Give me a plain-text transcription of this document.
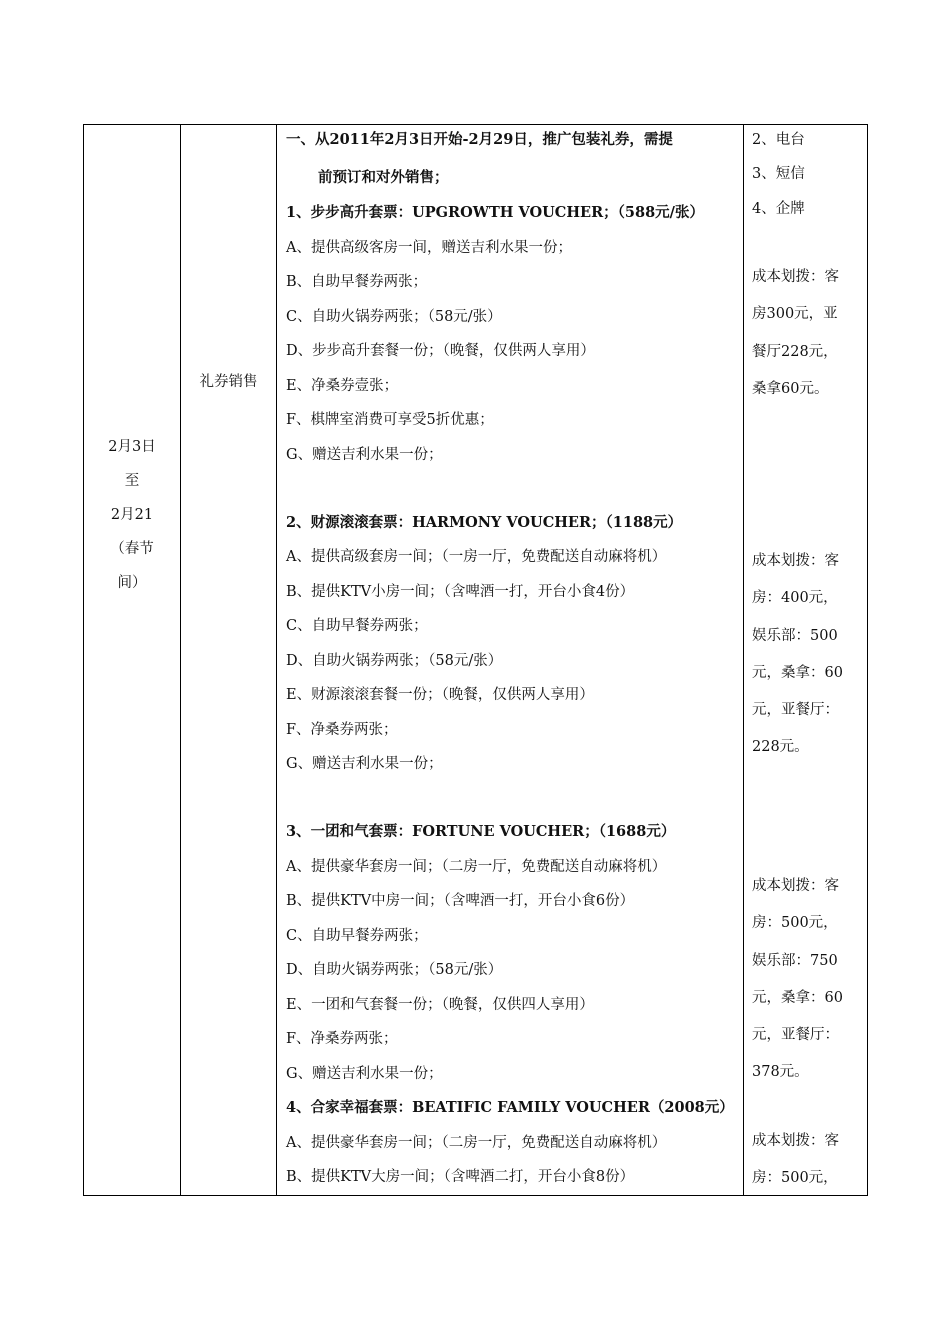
2月3日
至
2月21
（春节
间）
礼券销售
一、从2011年2月3日开始-2月29日，推广包装礼券，需提
前预订和对外销售；
1、步步高升套票：UPGROWTH VOUCHER；（588元/张）
A、提供高级客房一间，赠送吉利水果一份；
B、自助早餐券两张；
C、自助火锅券两张；（58元/张）
D、步步高升套餐一份；（晚餐，仅供两人享用）
E、净桑券壹张；
F、棋牌室消费可享受5折优惠；
G、赠送吉利水果一份；
2、财源滚滚套票：HARMONY VOUCHER；（1188元）
A、提供高级套房一间；（一房一厅，免费配送自动麻将机）
B、提供KTV小房一间；（含啤酒一打，开台小食4份）
C、自助早餐券两张；
D、自助火锅券两张；（58元/张）
E、财源滚滚套餐一份；（晚餐，仅供两人享用）
F、净桑券两张；
G、赠送吉利水果一份；
3、一团和气套票：FORTUNE VOUCHER；（1688元）
A、提供豪华套房一间；（二房一厅，免费配送自动麻将机）
B、提供KTV中房一间；（含啤酒一打，开台小食6份）
C、自助早餐券两张；
D、自助火锅券两张；（58元/张）
E、一团和气套餐一份；（晚餐，仅供四人享用）
F、净桑券两张；
G、赠送吉利水果一份；
4、合家幸福套票：BEATIFIC FAMILY VOUCHER（2008元）
A、提供豪华套房一间；（二房一厅，免费配送自动麻将机）
B、提供KTV大房一间；（含啤酒二打，开台小食8份）
2、电台
3、短信
4、企牌
成本划拨：客
房300元，亚
餐厅228元，
桑拿60元。
成本划拨：客
房：400元，
娱乐部：500
元，桑拿：60
元，亚餐厅：
228元。
成本划拨：客
房：500元，
娱乐部：750
元，桑拿：60
元，亚餐厅：
378元。
成本划拨：客
房：500元，
